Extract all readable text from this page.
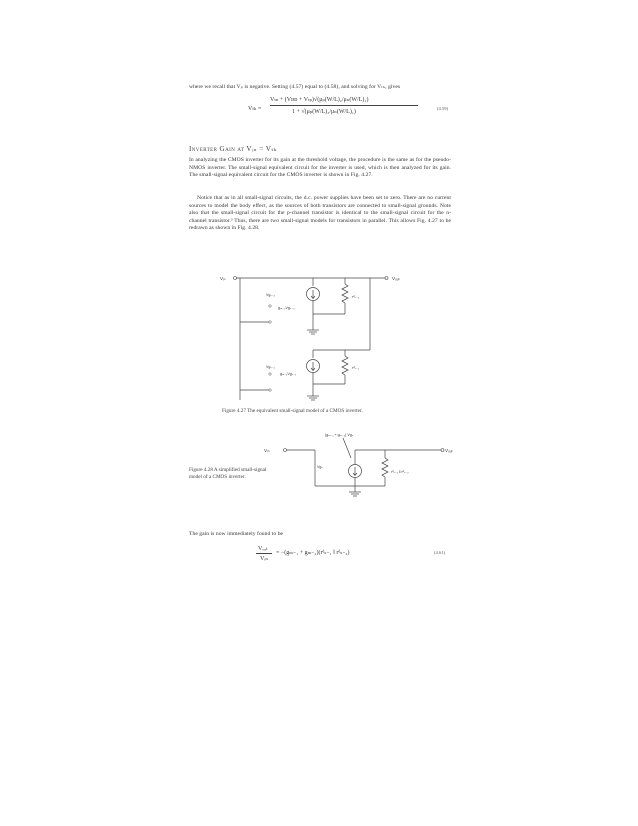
where we recall that Vₚ is negative. Setting (4.57) equal to (4.58), and solving for Vₜₕ, gives
Vₜₕ =
Vₜₙ + (Vᴅᴅ + Vₜₚ)√(μₚ(W/L)₂/μₙ(W/L)₁)
1 + √(μₚ(W/L)₂/μₙ(W/L)₁)
(4.59)
Inverter Gain at Vᵢₙ = Vₜₕ
In analyzing the CMOS inverter for its gain at the threshold voltage, the procedure is the same as for the pseudo-NMOS inverter. The small-signal equivalent circuit for the inverter is used, which is then analyzed for its gain. The small-signal equivalent circuit for the CMOS inverter is shown in Fig. 4.27.
Notice that as in all small-signal circuits, the d.c. power supplies have been set to zero. There are no current sources to model the body effect, as the sources of both transistors are connected to small-signal grounds. Note also that the small-signal circuit for the p-channel transistor is identical to the small-signal circuit for the n-channel transistor.³ Thus, there are two small-signal models for transistors in parallel. This allows Fig. 4.27 to be redrawn as shown in Fig. 4.28.
Vᵢₙ	Vₒᵤₜ
Vɡₛ₋₂
gₘ₋₂Vɡₛ₋₂
rᵈₛ₋₂
Vɡₛ₋₁
gₘ₋₁Vɡₛ₋₁
rᵈₛ₋₁
Figure 4.27 The equivalent small-signal model of a CMOS inverter.
Figure 4.28 A simplified small-signal model of a CMOS inverter.
Vᵢₙ
Vɡₛ
Vₒᵤₜ
(gₘ₋₁ + gₘ₋₂) Vɡₛ
rᵈₛ₋₁ ‖ rᵈₛ₋₂
The gain is now immediately found to be
Vₒᵤₜ
Vᵢₙ
= −(gₘ₋₁ + gₘ₋₂)(rᵈₛ₋₁ ‖ rᵈₛ₋₂)	(4.61)
